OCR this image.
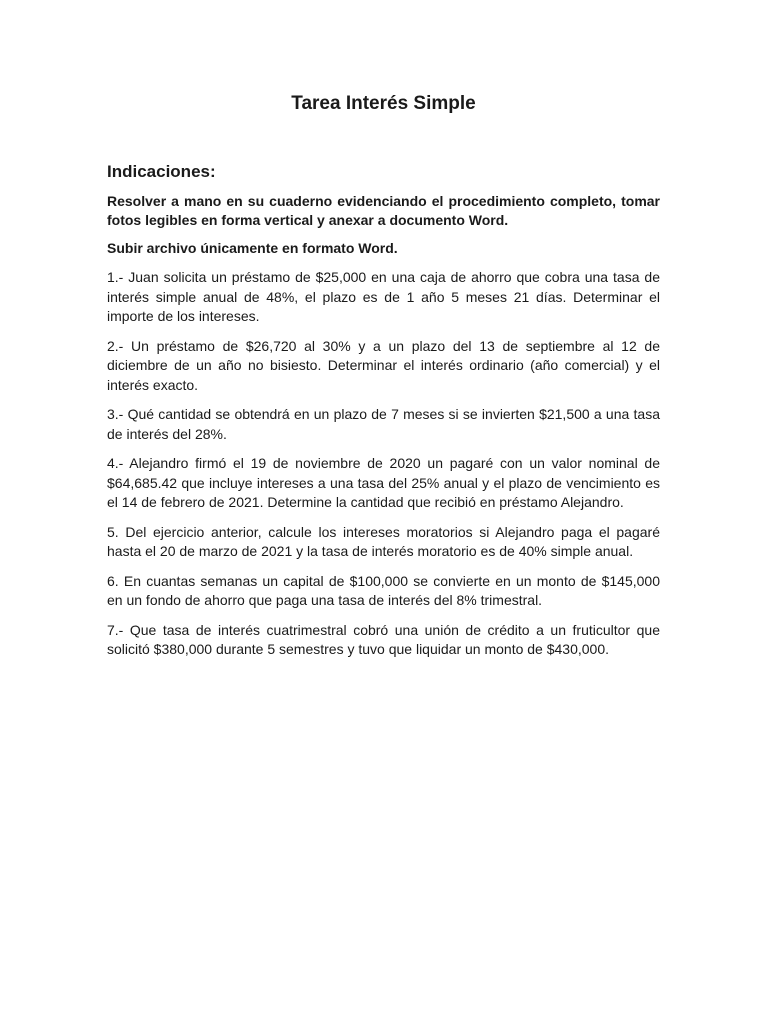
Tarea Interés Simple
Indicaciones:

Resolver a mano en su cuaderno evidenciando el procedimiento completo, tomar fotos legibles en forma vertical y anexar a documento Word.

Subir archivo únicamente en formato Word.

1.- Juan solicita un préstamo de $25,000 en una caja de ahorro que cobra una tasa de interés simple anual de 48%, el plazo es de 1 año 5 meses 21 días. Determinar el importe de los intereses.
2.- Un préstamo de $26,720 al 30% y a un plazo del 13 de septiembre al 12 de diciembre de un año no bisiesto. Determinar el interés ordinario (año comercial) y el interés exacto.
3.- Qué cantidad se obtendrá en un plazo de 7 meses si se invierten $21,500 a una tasa de interés del 28%.
4.- Alejandro firmó el 19 de noviembre de 2020 un pagaré con un valor nominal de $64,685.42 que incluye intereses a una tasa del 25% anual y el plazo de vencimiento es el 14 de febrero de 2021. Determine la cantidad que recibió en préstamo Alejandro.
5. Del ejercicio anterior, calcule los intereses moratorios si Alejandro paga el pagaré hasta el 20 de marzo de 2021 y la tasa de interés moratorio es de 40% simple anual.
6. En cuantas semanas un capital de $100,000 se convierte en un monto de $145,000 en un fondo de ahorro que paga una tasa de interés del 8% trimestral.
7.- Que tasa de interés cuatrimestral cobró una unión de crédito a un fruticultor que solicitó $380,000 durante 5 semestres y tuvo que liquidar un monto de $430,000.
